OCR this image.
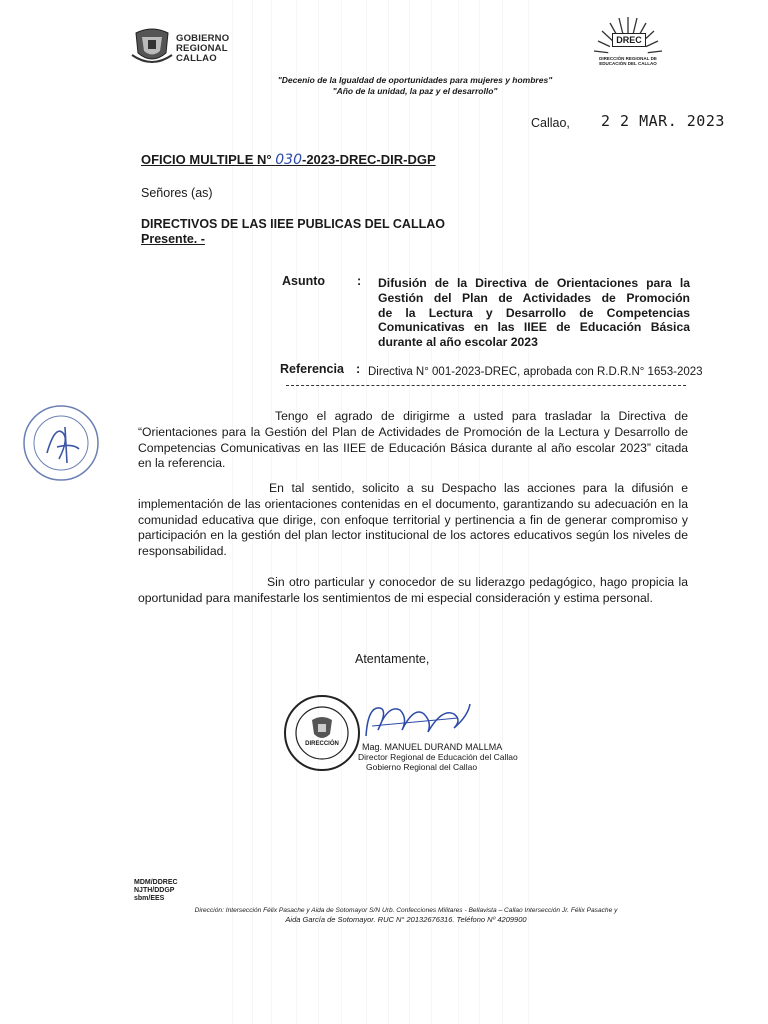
GOBIERNO
REGIONAL
CALLAO
DREC
DIRECCIÓN REGIONAL DE
EDUCACIÓN DEL CALLAO
"Decenio de la Igualdad de oportunidades para mujeres y hombres"
"Año de la unidad, la paz y el desarrollo"
Callao, 2 2 MAR. 2023
OFICIO MULTIPLE N° 030-2023-DREC-DIR-DGP
Señores (as)
DIRECTIVOS DE LAS IIEE PUBLICAS DEL CALLAO
Presente. -
Asunto	: Difusión de la Directiva de Orientaciones para la
Gestión del Plan de Actividades de Promoción
de la Lectura y Desarrollo de Competencias
Comunicativas en las IIEE de Educación Básica
durante al año escolar 2023
Referencia : Directiva N° 001-2023-DREC, aprobada con R.D.R.N° 1653-2023
Tengo el agrado de dirigirme a usted para trasladar la Directiva de “Orientaciones para la Gestión del Plan de Actividades de Promoción de la Lectura y Desarrollo de Competencias Comunicativas en las IIEE de Educación Básica durante al año escolar 2023” citada en la referencia.
En tal sentido, solicito a su Despacho las acciones para la difusión e implementación de las orientaciones contenidas en el documento, garantizando su adecuación en la comunidad educativa que dirige, con enfoque territorial y pertinencia a fin de generar compromiso y participación en la gestión del plan lector institucional de los actores educativos según los niveles de responsabilidad.
Sin otro particular y conocedor de su liderazgo pedagógico, hago propicia la oportunidad para manifestarle los sentimientos de mi especial consideración y estima personal.
Atentamente,
DIRECCIÓN	Mag. MANUEL DURAND MALLMA
Director Regional de Educación del Callao
Gobierno Regional del Callao
MDM/DDREC
NJTH/DDGP
sbm/EES
Dirección: Intersección Félix Pasache y Aida de Sotomayor S/N Urb. Confecciones Militares - Bellavista – Callao Intersección Jr. Félix Pasache y
Aida García de Sotomayor. RUC N° 20132676316. Teléfono Nº 4209900
